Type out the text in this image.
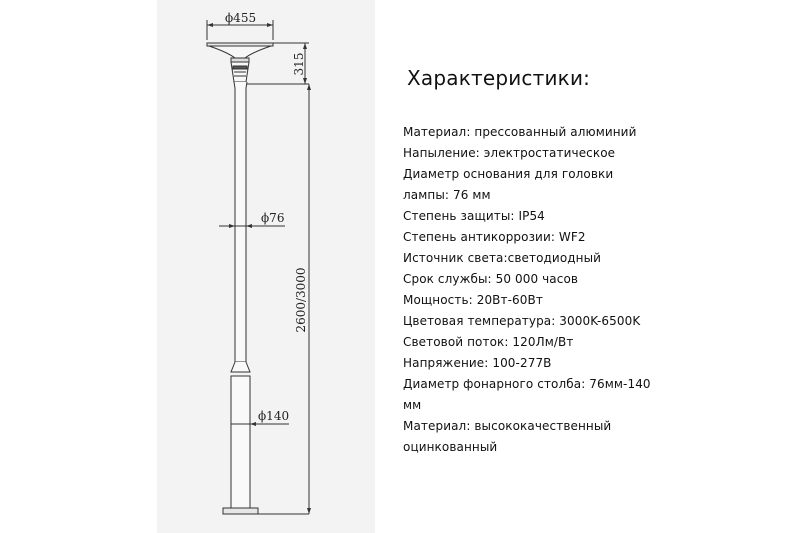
ϕ455
315
ϕ76
2600/3000
ϕ140
Характеристики:
Материал: прессованный алюминий
Напыление: электростатическое
Диаметр основания для головки
лампы: 76 мм
Степень защиты: IP54
Степень антикоррозии: WF2
Источник света:светодиодный
Срок службы: 50 000 часов
Мощность: 20Вт-60Вт
Цветовая температура: 3000K-6500K
Световой поток: 120Лм/Вт
Напряжение: 100-277В
Диаметр фонарного столба: 76мм-140
мм
Материал: высококачественный
оцинкованный
